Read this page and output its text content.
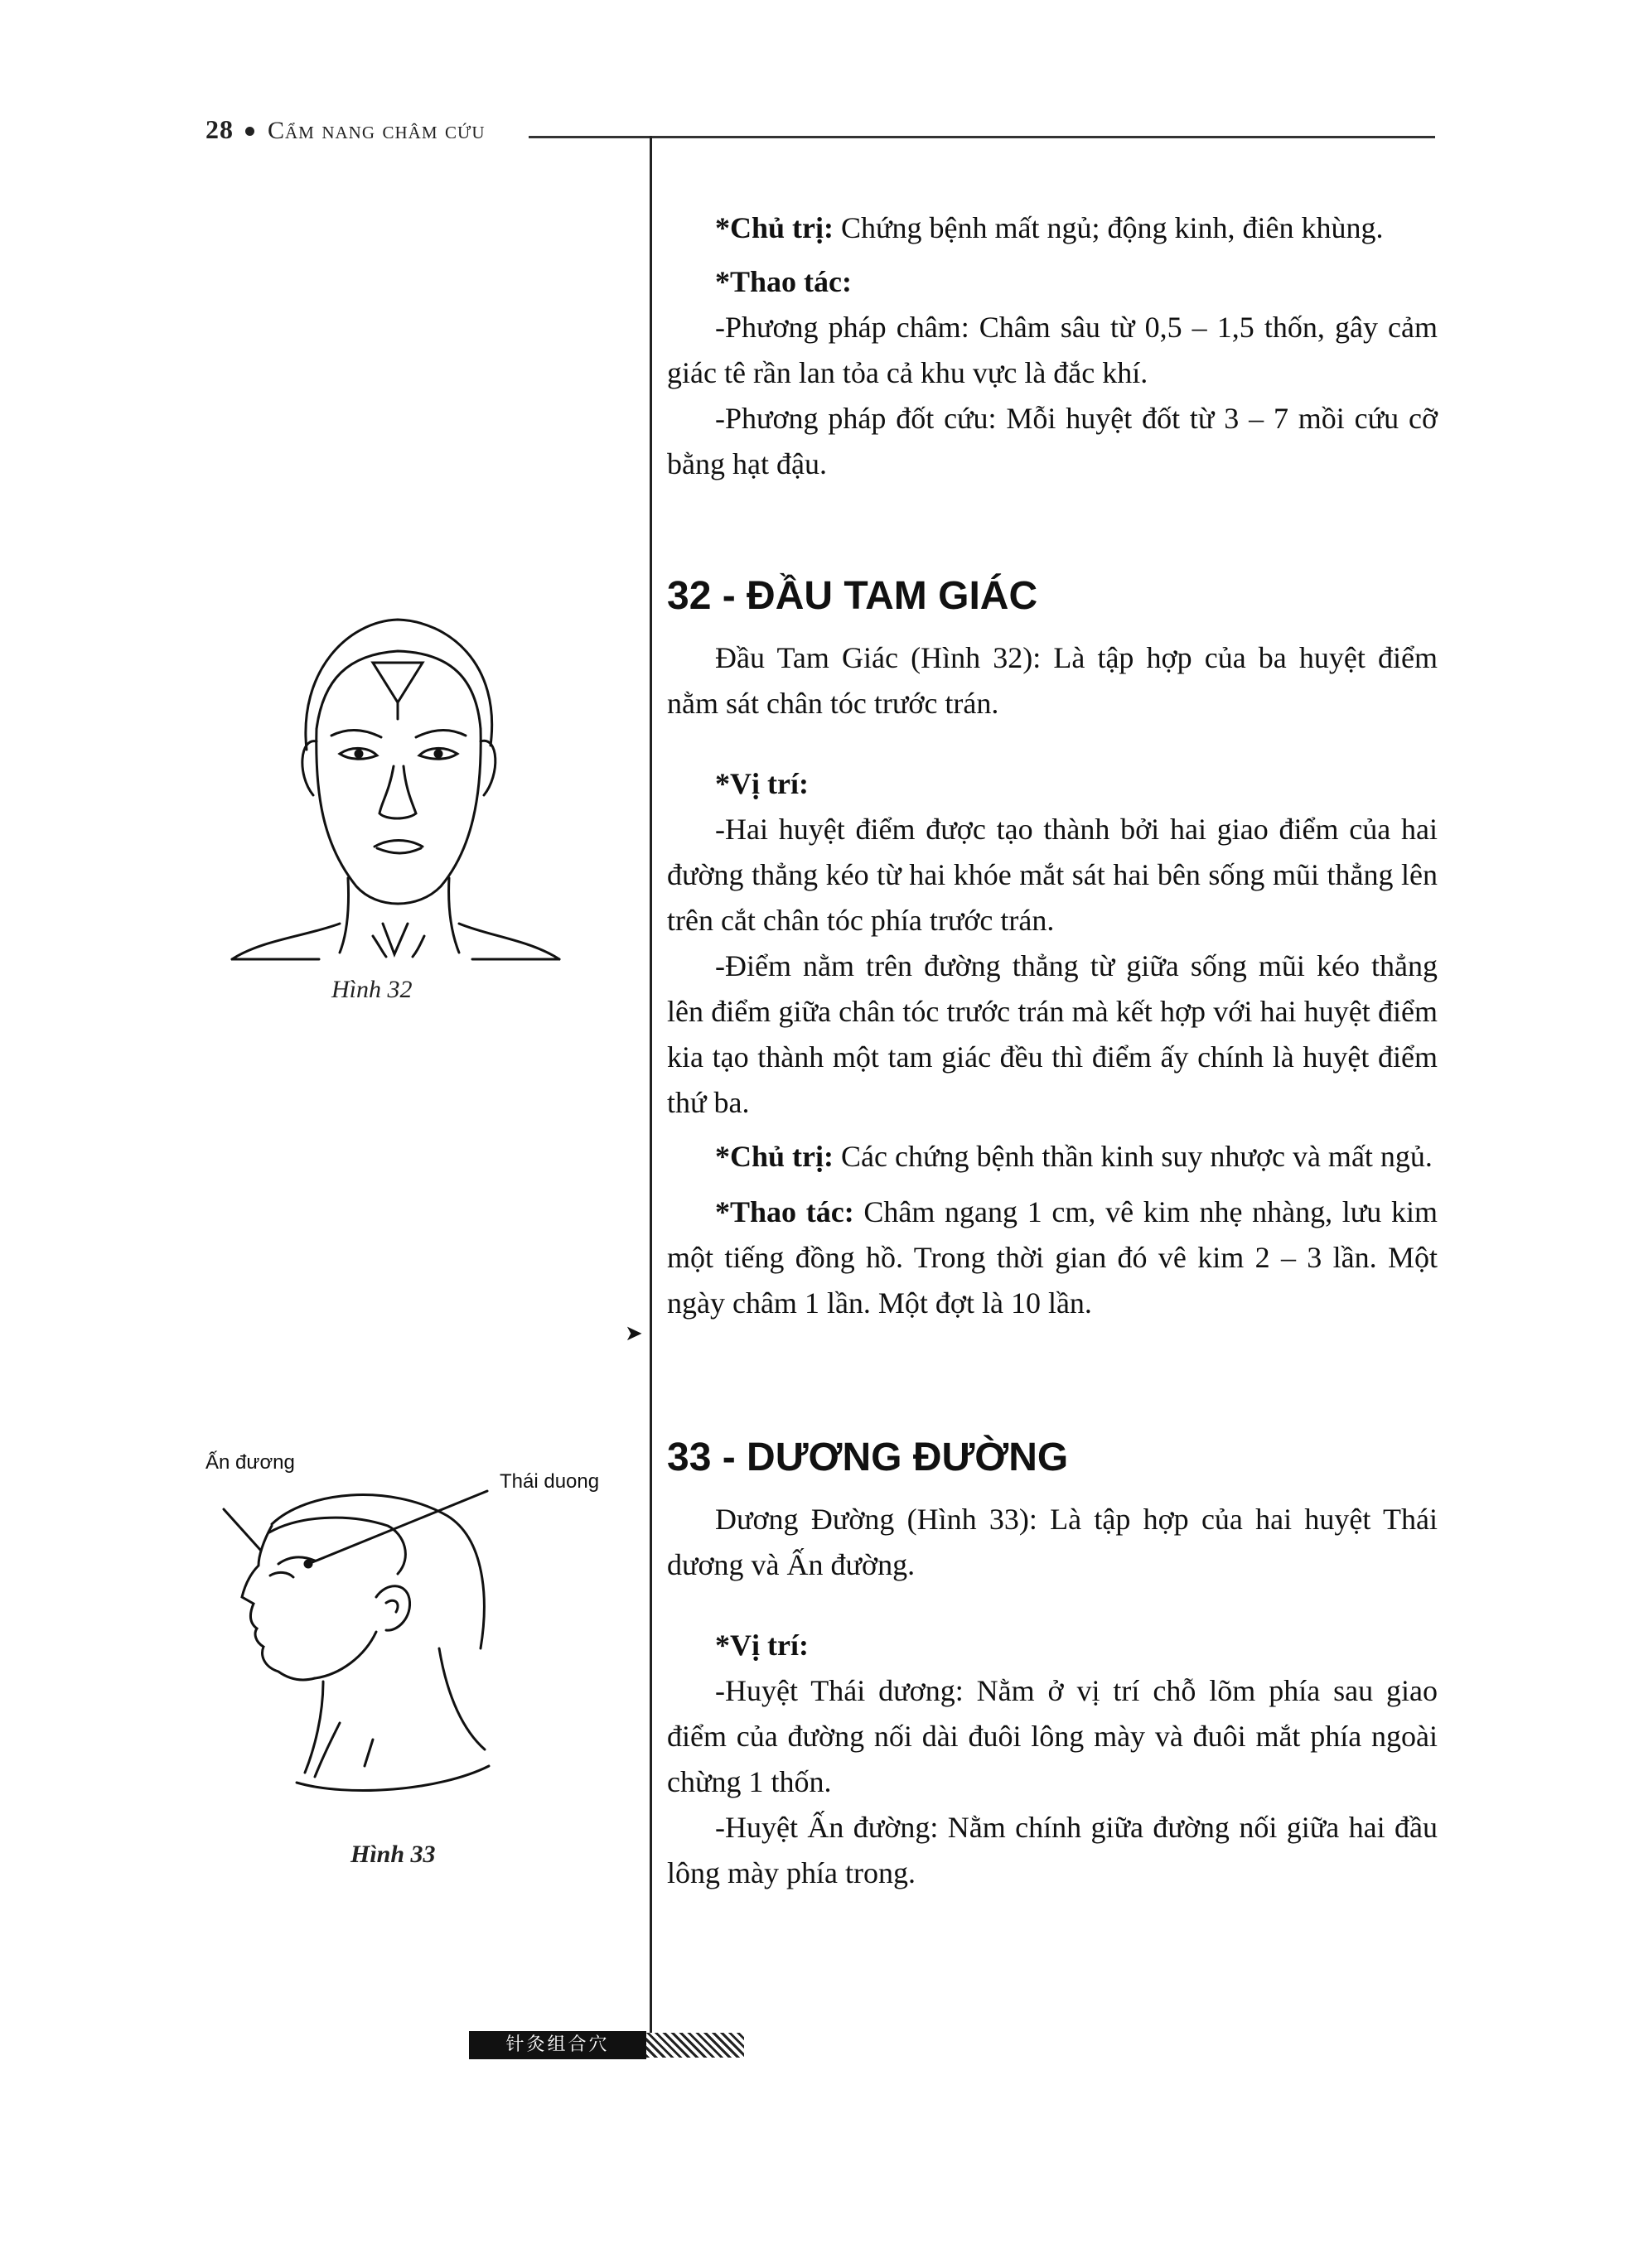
28 Cẩm nang châm cứu
➤

*Chủ trị: Chứng bệnh mất ngủ; động kinh, điên khùng.

*Thao tác:

-Phương pháp châm: Châm sâu từ 0,5 – 1,5 thốn, gây cảm giác tê rần lan tỏa cả khu vực là đắc khí.

-Phương pháp đốt cứu: Mỗi huyệt đốt từ 3 – 7 mồi cứu cỡ bằng hạt đậu.

32 - ĐẦU TAM GIÁC

Đầu Tam Giác (Hình 32): Là tập hợp của ba huyệt điểm nằm sát chân tóc trước trán.

*Vị trí:

-Hai huyệt điểm được tạo thành bởi hai giao điểm của hai đường thẳng kéo từ hai khóe mắt sát hai bên sống mũi thẳng lên trên cắt chân tóc phía trước trán.

-Điểm nằm trên đường thẳng từ giữa sống mũi kéo thẳng lên điểm giữa chân tóc trước trán mà kết hợp với hai huyệt điểm kia tạo thành một tam giác đều thì điểm ấy chính là huyệt điểm thứ ba.

*Chủ trị: Các chứng bệnh thần kinh suy nhược và mất ngủ.

*Thao tác: Châm ngang 1 cm, vê kim nhẹ nhàng, lưu kim một tiếng đồng hồ. Trong thời gian đó vê kim 2 – 3 lần. Một ngày châm 1 lần. Một đợt là 10 lần.

33 - DƯƠNG ĐƯỜNG

Dương Đường (Hình 33): Là tập hợp của hai huyệt Thái dương và Ấn đường.

*Vị trí:

-Huyệt Thái dương: Nằm ở vị trí chỗ lõm phía sau giao điểm của đường nối dài đuôi lông mày và đuôi mắt phía ngoài chừng 1 thốn.

-Huyệt Ấn đường: Nằm chính giữa đường nối giữa hai đầu lông mày phía trong.

Hình 32
Ấn đương
Thái duong
Hình 33
针灸组合穴
